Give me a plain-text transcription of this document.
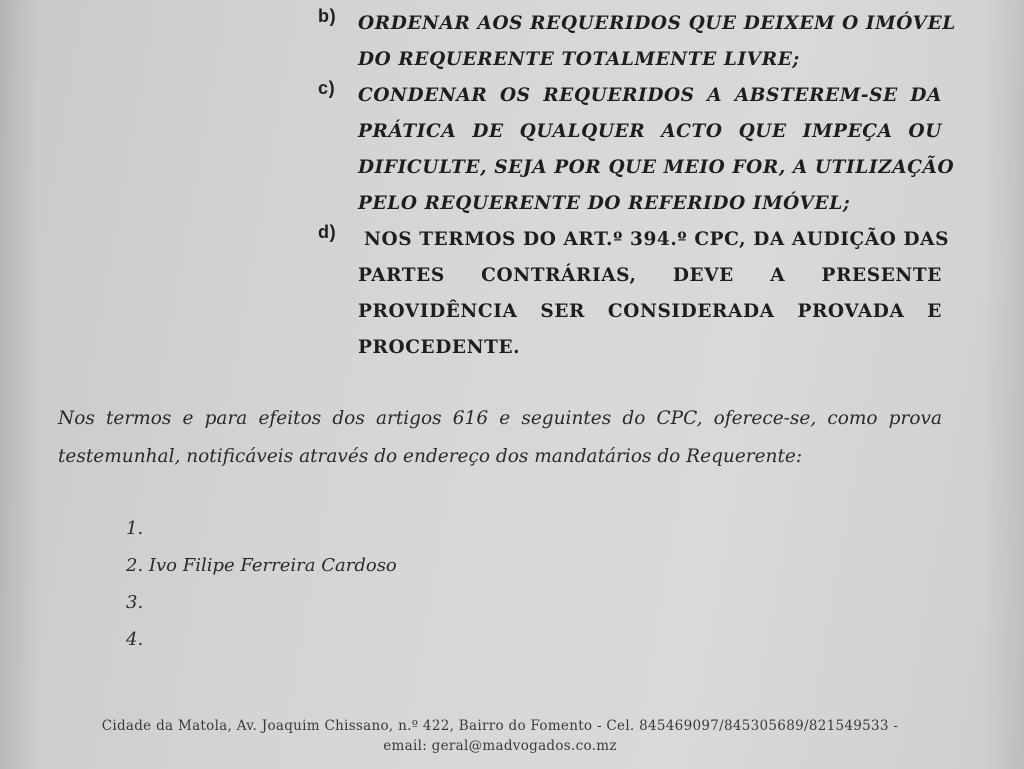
b) ORDENAR AOS REQUERIDOS QUE DEIXEM O IMÓVEL
DO REQUERENTE TOTALMENTE LIVRE;
c) CONDENAR OS REQUERIDOS A ABSTEREM-SE DA
PRÁTICA DE QUALQUER ACTO QUE IMPEÇA OU
DIFICULTE, SEJA POR QUE MEIO FOR, A UTILIZAÇÃO
PELO REQUERENTE DO REFERIDO IMÓVEL;
d)	NOS TERMOS DO ART.º 394.º CPC, DA AUDIÇÃO DAS
PARTES CONTRÁRIAS, DEVE A PRESENTE
PROVIDÊNCIA SER CONSIDERADA PROVADA E
PROCEDENTE.
Nos termos e para efeitos dos artigos 616 e seguintes do CPC, oferece-se, como prova
testemunhal, notificáveis através do endereço dos mandatários do Requerente:
1.
2. Ivo Filipe Ferreira Cardoso
3.
4.
Cidade da Matola, Av. Joaquim Chissano, n.º 422, Bairro do Fomento - Cel. 845469097/845305689/821549533 -
email: geral@madvogados.co.mz
